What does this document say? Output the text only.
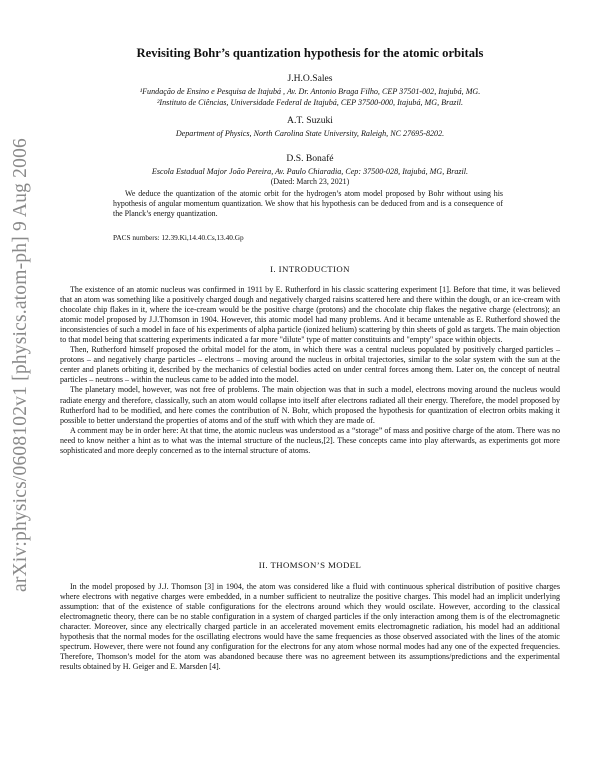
arXiv:physics/0608102v1 [physics.atom-ph] 9 Aug 2006
Revisiting Bohr’s quantization hypothesis for the atomic orbitals
J.H.O.Sales
¹Fundação de Ensino e Pesquisa de Itajubá , Av. Dr. Antonio Braga Filho, CEP 37501-002, Itajubá, MG.
²Instituto de Ciências, Universidade Federal de Itajubá, CEP 37500-000, Itajubá, MG, Brazil.
A.T. Suzuki
Department of Physics, North Carolina State University, Raleigh, NC 27695-8202.
D.S. Bonafé
Escola Estadual Major João Pereira, Av. Paulo Chiaradia, Cep: 37500-028, Itajubá, MG, Brazil.
(Dated: March 23, 2021)
We deduce the quantization of the atomic orbit for the hydrogen’s atom model proposed by Bohr without using his hypothesis of angular momentum quantization. We show that his hypothesis can be deduced from and is a consequence of the Planck’s energy quantization.
PACS numbers: 12.39.Ki,14.40.Cs,13.40.Gp
I. INTRODUCTION

The existence of an atomic nucleus was confirmed in 1911 by E. Rutherford in his classic scattering experiment [1]. Before that time, it was believed that an atom was something like a positively charged dough and negatively charged raisins scattered here and there within the dough, or an ice-cream with chocolate chip flakes in it, where the ice-cream would be the positive charge (protons) and the chocolate chip flakes the negative charge (electrons); an atomic model proposed by J.J.Thomson in 1904. However, this atomic model had many problems. And it became untenable as E. Rutherford showed the inconsistencies of such a model in face of his experiments of alpha particle (ionized helium) scattering by thin sheets of gold as targets. The main objection to that model being that scattering experiments indicated a far more "dilute" type of matter constituints and "empty" space within objects.

Then, Rutherford himself proposed the orbital model for the atom, in which there was a central nucleus populated by positively charged particles – protons – and negatively charge particles – electrons – moving around the nucleus in orbital trajectories, similar to the solar system with the sun at the center and planets orbiting it, described by the mechanics of celestial bodies acted on under central forces among them. Later on, the concept of neutral particles – neutrons – within the nucleus came to be added into the model.

The planetary model, however, was not free of problems. The main objection was that in such a model, electrons moving around the nucleus would radiate energy and therefore, classically, such an atom would collapse into itself after electrons radiated all their energy. Therefore, the model proposed by Rutherford had to be modified, and here comes the contribution of N. Bohr, which proposed the hypothesis for quantization of electron orbits making it possible to better understand the properties of atoms and of the stuff with which they are made of.

A comment may be in order here: At that time, the atomic nucleus was understood as a “storage” of mass and positive charge of the atom. There was no need to know neither a hint as to what was the internal structure of the nucleus,[2]. These concepts came into play afterwards, as experiments got more sophisticated and more deeply concerned as to the internal structure of atoms.

II. THOMSON’S MODEL

In the model proposed by J.J. Thomson [3] in 1904, the atom was considered like a fluid with continuous spherical distribution of positive charges where electrons with negative charges were embedded, in a number sufficient to neutralize the positive charges. This model had an implicit underlying assumption: that of the existence of stable configurations for the electrons around which they would oscilate. However, according to the classical electromagnetic theory, there can be no stable configuration in a system of charged particles if the only interaction among them is of the electromagnetic character. Moreover, since any electrically charged particle in an accelerated movement emits electromagnetic radiation, his model had an additional hypothesis that the normal modes for the oscillating electrons would have the same frequencies as those observed associated with the lines of the atomic spectrum. However, there were not found any configuration for the electrons for any atom whose normal modes had any one of the expected frequencies. Therefore, Thomson’s model for the atom was abandoned because there was no agreement between its assumptions/predictions and the experimental results obtained by H. Geiger and E. Marsden [4].
